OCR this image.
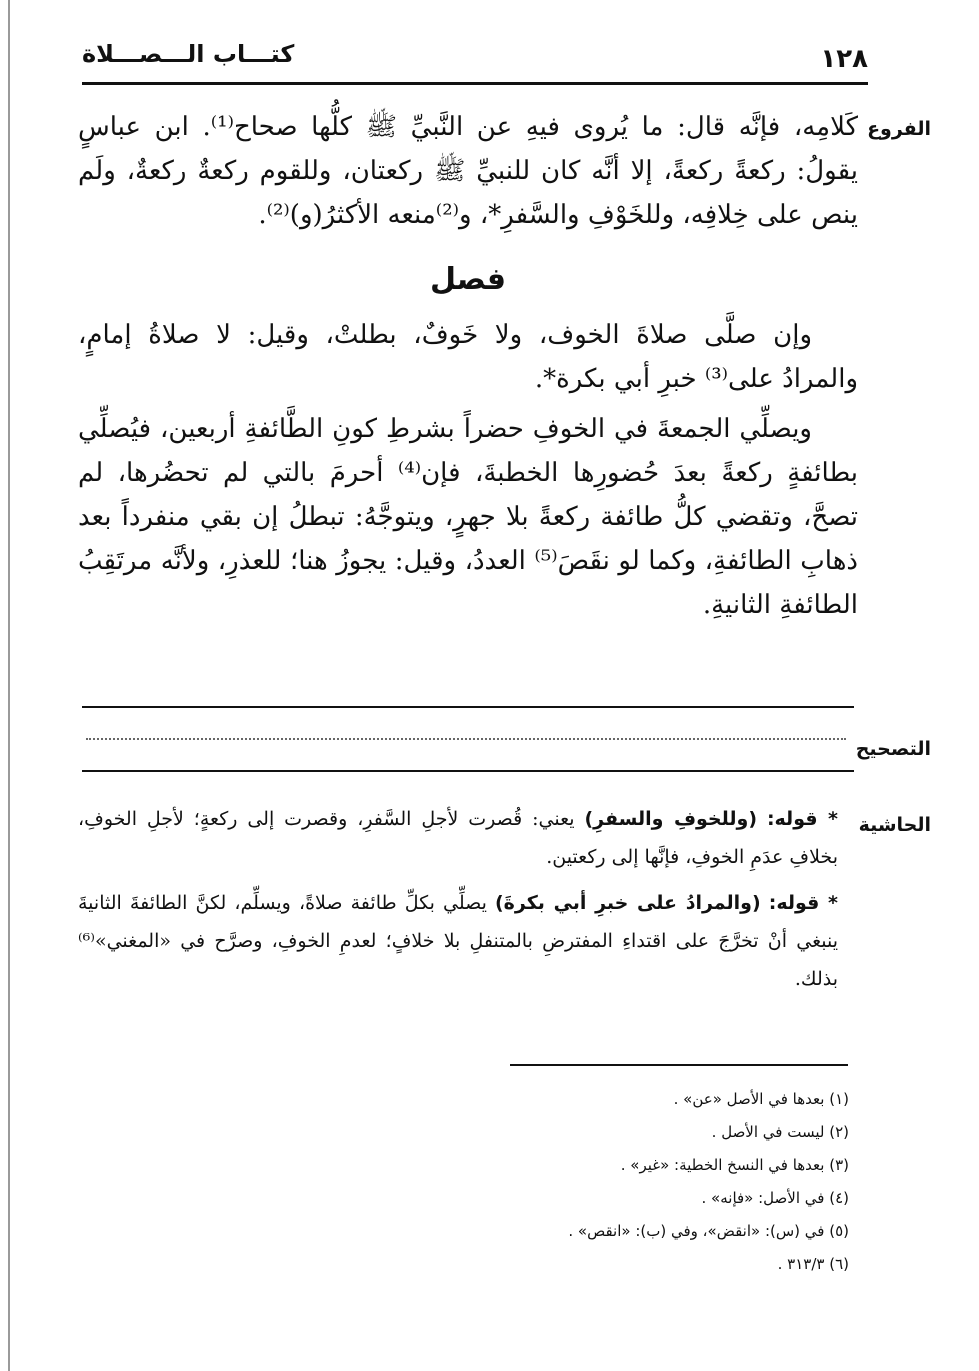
١٢٨
كتـــاب الـــصـــلاة
الفروع

كَلامِه، فإنَّه قال: ما يُروى فيهِ عن النَّبيِّ ﷺ كلُّها صحاح⁽¹⁾. ابن عباسٍ يقولُ: ركعةً ركعةً، إلا أنَّه كان للنبيِّ ﷺ ركعتان، وللقوم ركعةٌ ركعةٌ، ولَم ينص على خِلافِه، وللخَوْفِ والسَّفرِ*، و⁽²⁾منعه الأكثرُ(و)⁽²⁾.

فصل

وإن صلَّى صلاةَ الخوف، ولا خَوفٌ، بطلتْ، وقيل: لا صلاةُ إمامٍ، والمرادُ على⁽³⁾ خبرِ أبي بكرة*.

ويصلِّي الجمعةَ في الخوفِ حضراً بشرطِ كونِ الطَّائفةِ أربعين، فيُصلِّي بطائفةٍ ركعةً بعدَ حُضورِها الخطبةَ، فإن⁽⁴⁾ أحرمَ بالتي لم تحضُرها، لم تصحَّ، وتقضي كلُّ طائفة ركعةً بلا جهرٍ، ويتوجَّهُ: تبطلُ إن بقي منفرداً بعد ذهابِ الطائفةِ، وكما لو نقَصَ⁽⁵⁾ العددُ، وقيل: يجوزُ هنا؛ للعذرِ، ولأنَّه مرتَقِبُ الطائفةِ الثانيةِ.

التصحيح
الحاشية

* قوله: (وللخوفِ والسفرِ) يعني: قُصرت لأجلِ السَّفرِ، وقصرت إلى ركعةٍ؛ لأجلِ الخوفِ، بخلافِ عدَمِ الخوفِ، فإنَّها إلى ركعتين.

* قوله: (والمرادُ على خبرِ أبي بكرةَ) يصلِّي بكلِّ طائفة صلاةً، ويسلِّم، لكنَّ الطائفةَ الثانيةَ ينبغي أنْ تخرَّجَ على اقتداءِ المفترضِ بالمتنفلِ بلا خلافٍ؛ لعدمِ الخوفِ، وصرَّح في «المغني»⁽⁶⁾ بذلك.

(١) بعدها في الأصل «عن» .
(٢) ليست في الأصل .
(٣) بعدها في النسخ الخطية: «غير» .
(٤) في الأصل: «فإنه» .
(٥) في (س): «انقض»، وفي (ب): «انقص» .
(٦) ٣١٣/٣ .
